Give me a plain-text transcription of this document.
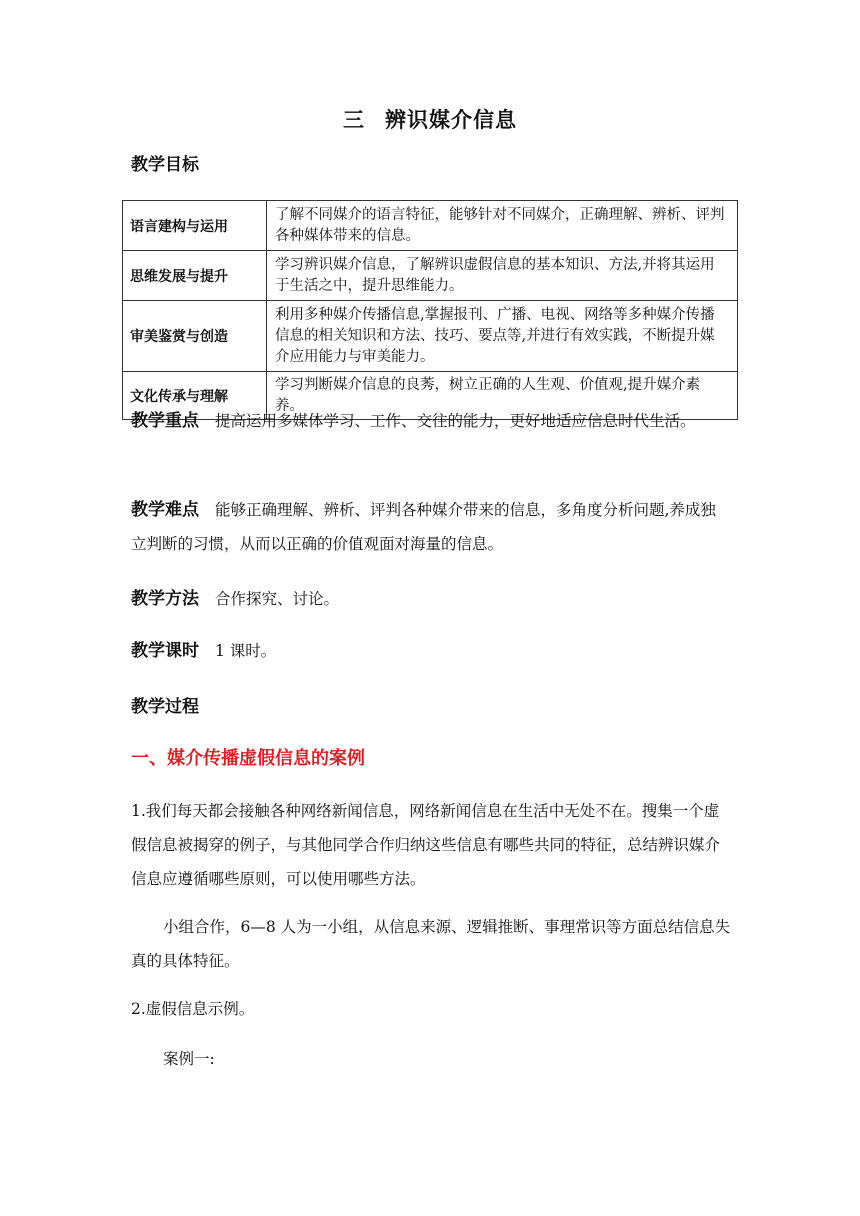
三 辨识媒介信息
教学目标
语言建构与运用	了解不同媒介的语言特征，能够针对不同媒介，正确理解、辨析、评判各种媒体带来的信息。
思维发展与提升	学习辨识媒介信息，了解辨识虚假信息的基本知识、方法,并将其运用于生活之中，提升思维能力。
审美鉴赏与创造	利用多种媒介传播信息,掌握报刊、广播、电视、网络等多种媒介传播信息的相关知识和方法、技巧、要点等,并进行有效实践，不断提升媒介应用能力与审美能力。
文化传承与理解	学习判断媒介信息的良莠，树立正确的人生观、价值观,提升媒介素养。
教学重点 提高运用多媒体学习、工作、交往的能力，更好地适应信息时代生活。
教学难点 能够正确理解、辨析、评判各种媒介带来的信息，多角度分析问题,养成独立判断的习惯，从而以正确的价值观面对海量的信息。
教学方法 合作探究、讨论。
教学课时 1 课时。
教学过程
一、媒介传播虚假信息的案例
1.我们每天都会接触各种网络新闻信息，网络新闻信息在生活中无处不在。搜集一个虚假信息被揭穿的例子，与其他同学合作归纳这些信息有哪些共同的特征，总结辨识媒介信息应遵循哪些原则，可以使用哪些方法。
小组合作，6—8 人为一小组，从信息来源、逻辑推断、事理常识等方面总结信息失真的具体特征。
2.虚假信息示例。
案例一:
